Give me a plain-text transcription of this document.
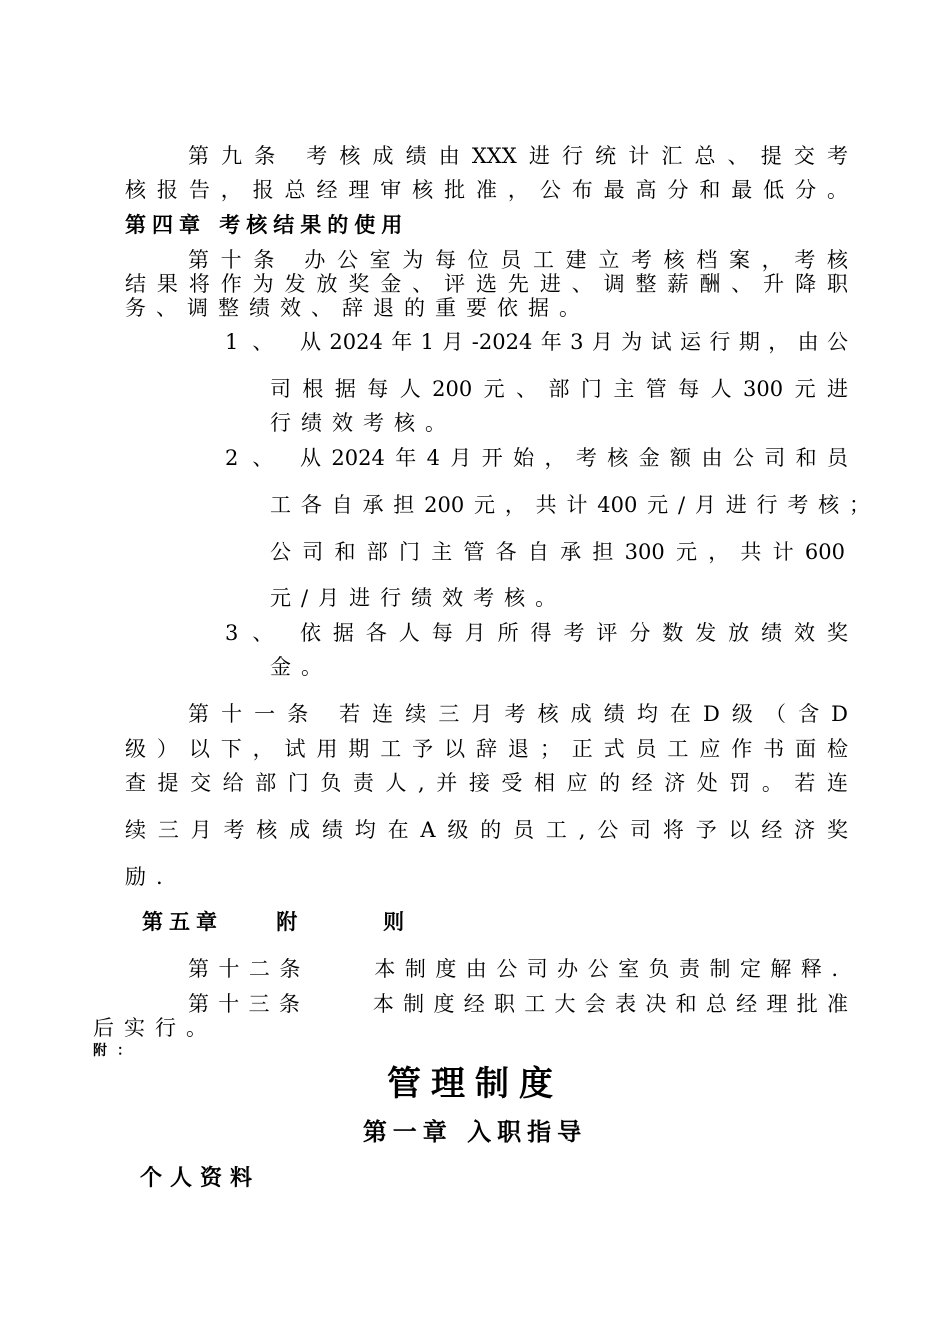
第九条 考核成绩由XXX进行统计汇总、提交考
核报告，报总经理审核批准，公布最高分和最低分。
第四章 考核结果的使用
第十条 办公室为每位员工建立考核档案，考核
结果将作为发放奖金、评选先进、调整薪酬、升降职
务、调整绩效、辞退的重要依据。
1、 从2024年1月-2024年3月为试运行期，由公
司根据每人200元、部门主管每人300元进
行绩效考核。
2、 从2024年4月开始，考核金额由公司和员
工各自承担200元，共计400元/月进行考核；
公司和部门主管各自承担300元，共计600
元/月进行绩效考核。
3、 依据各人每月所得考评分数发放绩效奖
金。
第十一条 若连续三月考核成绩均在D级（含D
级）以下，试用期工予以辞退；正式员工应作书面检
查提交给部门负责人,并接受相应的经济处罚。若连
续三月考核成绩均在A级的员工,公司将予以经济奖
励.
第五章    附      则
第十二条    本制度由公司办公室负责制定解释.
第十三条    本制度经职工大会表决和总经理批准
后实行。
附：
管理制度
第一章 入职指导
个人资料
